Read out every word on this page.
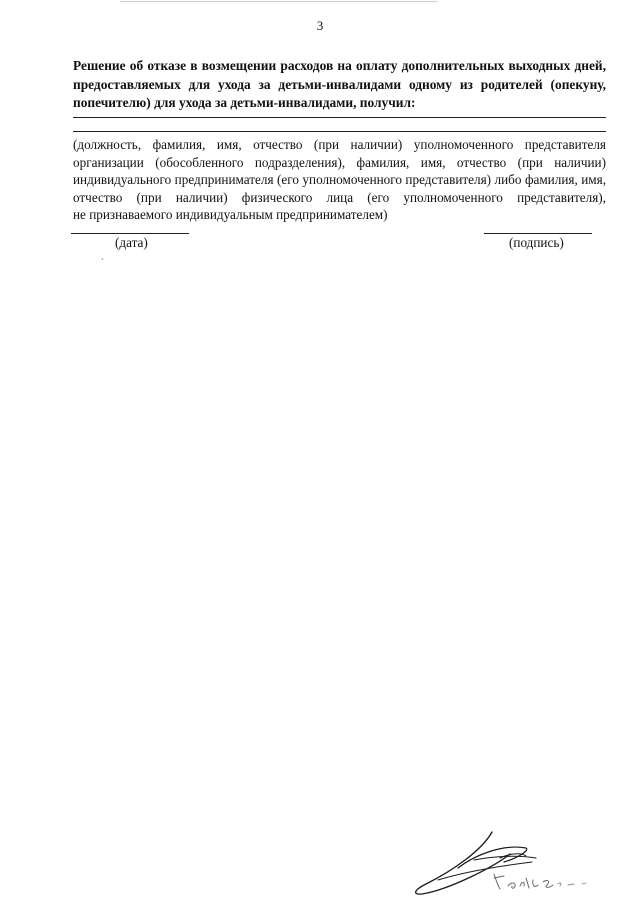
3
Решение об отказе в возмещении расходов на оплату дополнительных выходных дней,
предоставляемых для ухода за детьми-инвалидами одному из родителей (опекуну,
попечителю) для ухода за детьми-инвалидами, получил:
(должность, фамилия, имя, отчество (при наличии) уполномоченного представителя
организации (обособленного подразделения), фамилия, имя, отчество (при наличии)
индивидуального предпринимателя (его уполномоченного представителя) либо фамилия, имя,
отчество (при наличии) физического лица (его уполномоченного представителя),
не признаваемого индивидуальным предпринимателем)
(дата)
ˏ
(подпись)
